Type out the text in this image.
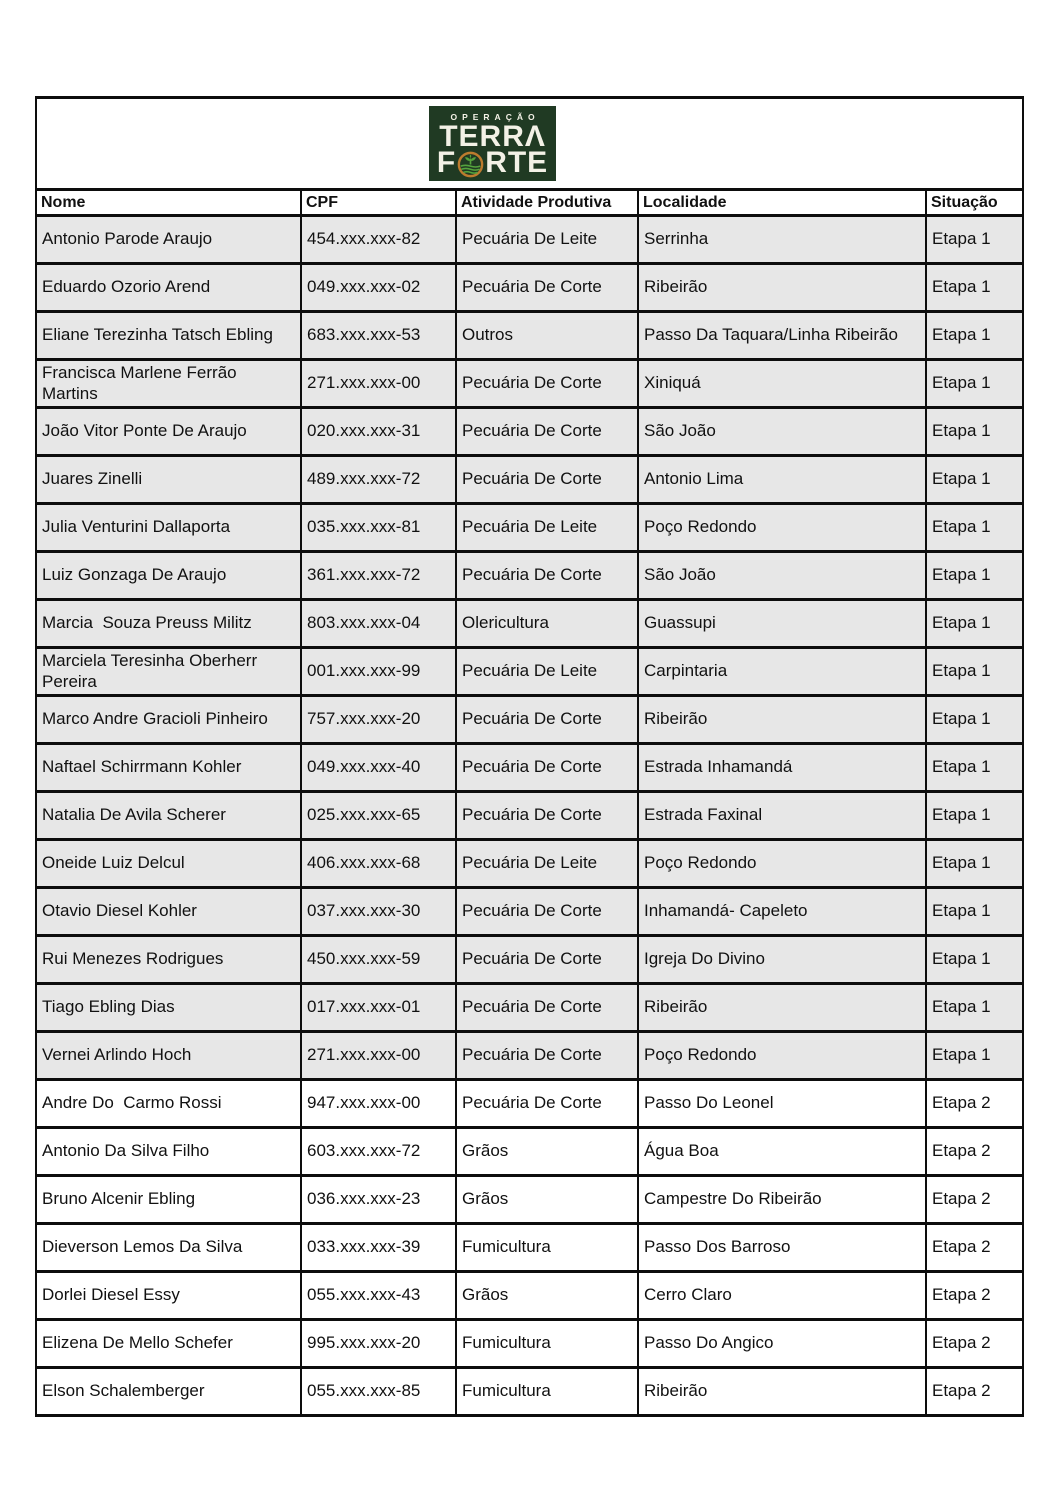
OPERAÇÃO
TERRΛ
F RTE				

Nome	CPF	Atividade Produtiva	Localidade	Situação
Antonio Parode Araujo	454.xxx.xxx-82	Pecuária De Leite	Serrinha	Etapa 1
Eduardo Ozorio Arend	049.xxx.xxx-02	Pecuária De Corte	Ribeirão	Etapa 1
Eliane Terezinha Tatsch Ebling	683.xxx.xxx-53	Outros	Passo Da Taquara/Linha Ribeirão	Etapa 1
Francisca Marlene Ferrão Martins	271.xxx.xxx-00	Pecuária De Corte	Xiniquá	Etapa 1
João Vitor Ponte De Araujo	020.xxx.xxx-31	Pecuária De Corte	São João	Etapa 1
Juares Zinelli	489.xxx.xxx-72	Pecuária De Corte	Antonio Lima	Etapa 1
Julia Venturini Dallaporta	035.xxx.xxx-81	Pecuária De Leite	Poço Redondo	Etapa 1
Luiz Gonzaga De Araujo	361.xxx.xxx-72	Pecuária De Corte	São João	Etapa 1
Marcia  Souza Preuss Militz	803.xxx.xxx-04	Olericultura	Guassupi	Etapa 1
Marciela Teresinha Oberherr Pereira	001.xxx.xxx-99	Pecuária De Leite	Carpintaria	Etapa 1
Marco Andre Gracioli Pinheiro	757.xxx.xxx-20	Pecuária De Corte	Ribeirão	Etapa 1
Naftael Schirrmann Kohler	049.xxx.xxx-40	Pecuária De Corte	Estrada Inhamandá	Etapa 1
Natalia De Avila Scherer	025.xxx.xxx-65	Pecuária De Corte	Estrada Faxinal	Etapa 1
Oneide Luiz Delcul	406.xxx.xxx-68	Pecuária De Leite	Poço Redondo	Etapa 1
Otavio Diesel Kohler	037.xxx.xxx-30	Pecuária De Corte	Inhamandá- Capeleto	Etapa 1
Rui Menezes Rodrigues	450.xxx.xxx-59	Pecuária De Corte	Igreja Do Divino	Etapa 1
Tiago Ebling Dias	017.xxx.xxx-01	Pecuária De Corte	Ribeirão	Etapa 1
Vernei Arlindo Hoch	271.xxx.xxx-00	Pecuária De Corte	Poço Redondo	Etapa 1
Andre Do  Carmo Rossi	947.xxx.xxx-00	Pecuária De Corte	Passo Do Leonel	Etapa 2
Antonio Da Silva Filho	603.xxx.xxx-72	Grãos	Água Boa	Etapa 2
Bruno Alcenir Ebling	036.xxx.xxx-23	Grãos	Campestre Do Ribeirão	Etapa 2
Dieverson Lemos Da Silva	033.xxx.xxx-39	Fumicultura	Passo Dos Barroso	Etapa 2
Dorlei Diesel Essy	055.xxx.xxx-43	Grãos	Cerro Claro	Etapa 2
Elizena De Mello Schefer	995.xxx.xxx-20	Fumicultura	Passo Do Angico	Etapa 2
Elson Schalemberger	055.xxx.xxx-85	Fumicultura	Ribeirão	Etapa 2
